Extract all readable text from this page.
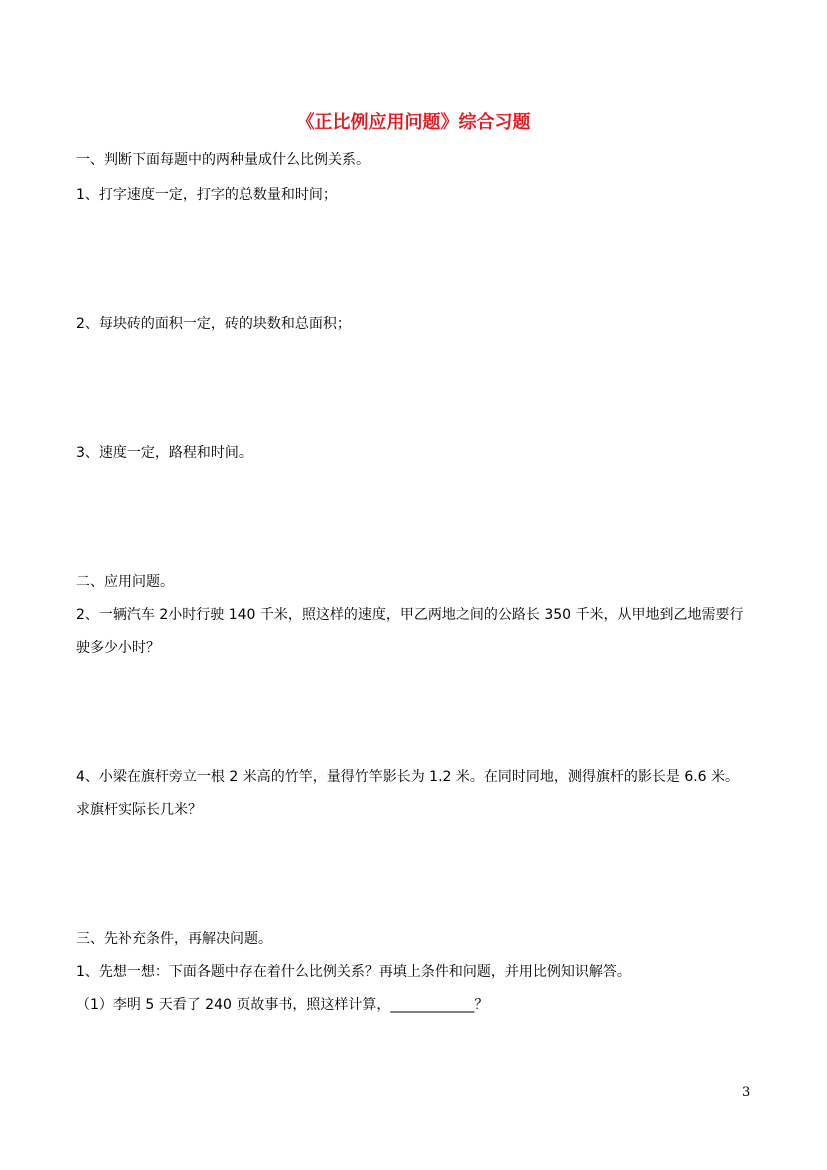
《正比例应用问题》综合习题
一、判断下面每题中的两种量成什么比例关系。
1、打字速度一定，打字的总数量和时间；
2、每块砖的面积一定，砖的块数和总面积；
3、速度一定，路程和时间。
二、应用问题。
2、一辆汽车 2小时行驶 140 千米，照这样的速度，甲乙两地之间的公路长 350 千米，从甲地到乙地需要行
驶多少小时？
4、小梁在旗杆旁立一根 2 米高的竹竿，量得竹竿影长为 1.2 米。在同时同地，测得旗杆的影长是 6.6 米。
求旗杆实际长几米？
三、先补充条件，再解决问题。
1、先想一想：下面各题中存在着什么比例关系？再填上条件和问题，并用比例知识解答。
（1）李明 5 天看了 240 页故事书，照这样计算，____________？
3
